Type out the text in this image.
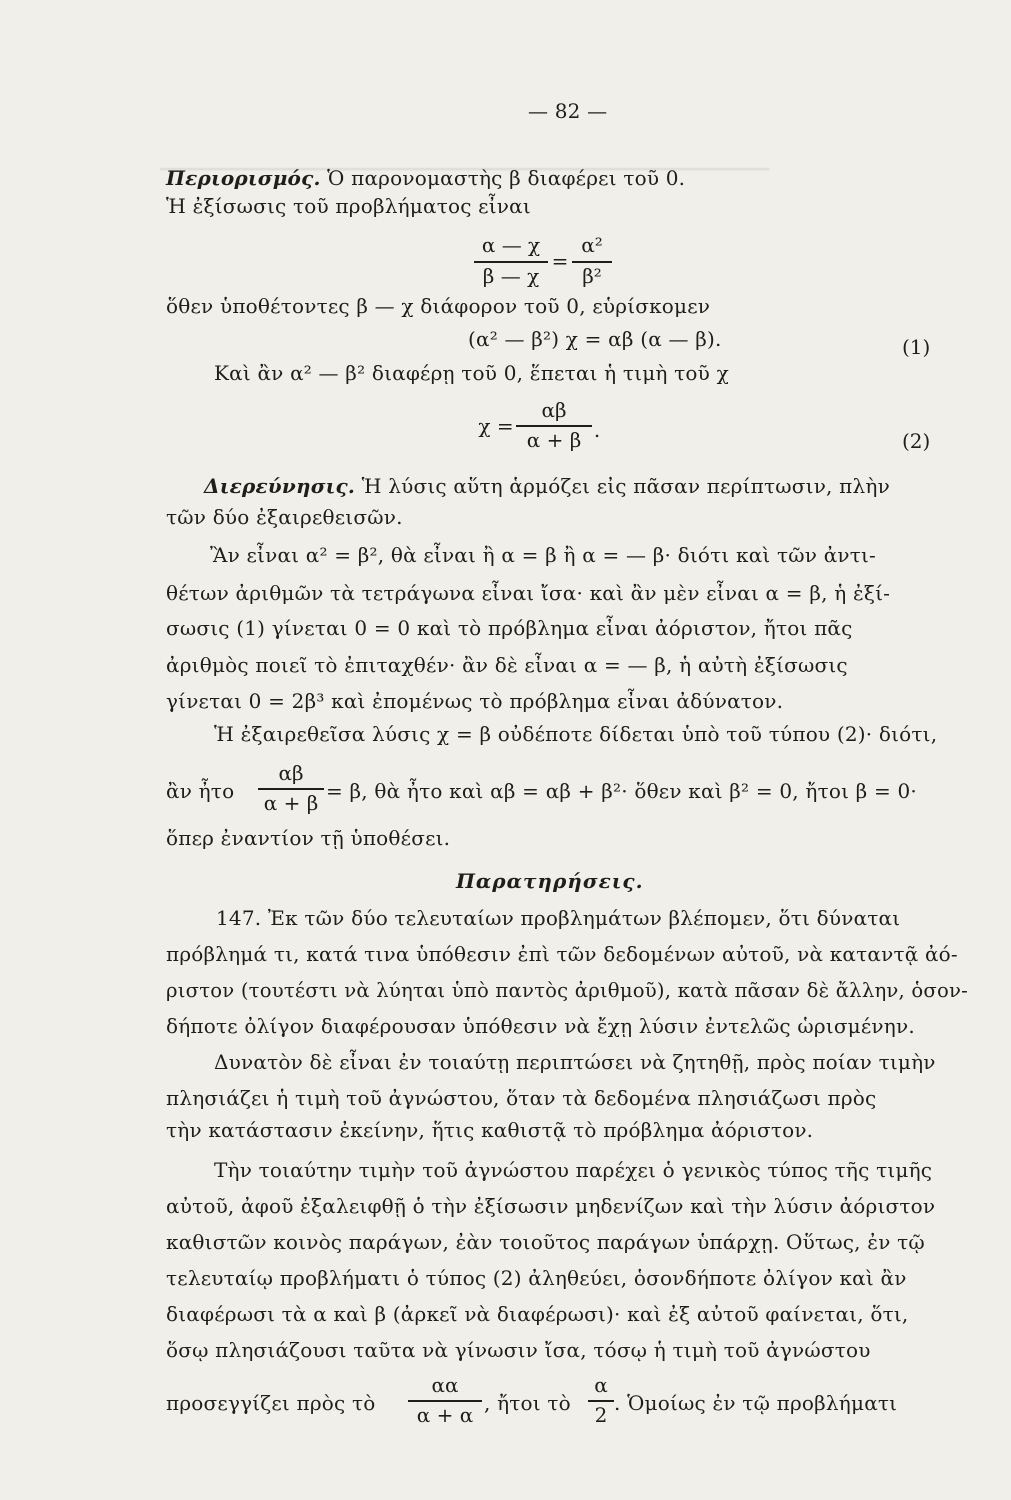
▁▁▁▁▁▁▁▁▁▁▁▁▁▁▁▁▁▁▁▁▁▁▁▁▁▁▁▁▁▁▁▁▁▁▁▁▁▁▁▁▁▁▁▁
— 82 —
Περιορισμός. Ὁ παρονομαστὴς β διαφέρει τοῦ 0.
Ἡ ἐξίσωσις τοῦ προβλήματος εἶναι
α — χ	α²
=
β — χ	β²
ὅθεν ὑποθέτοντες β — χ διάφορον τοῦ 0, εὑρίσκομεν
(α² — β²) χ = αβ (α — β).	(1)
Καὶ ἂν α² — β² διαφέρῃ τοῦ 0, ἕπεται ἡ τιμὴ τοῦ χ
χ =
αβ
α + β .	(2)
Διερεύνησις. Ἡ λύσις αὕτη ἁρμόζει εἰς πᾶσαν περίπτωσιν, πλὴν
τῶν δύο ἐξαιρεθεισῶν.
Ἂν εἶναι α² = β², θὰ εἶναι ἢ α = β ἢ α = — β· διότι καὶ τῶν ἀντι-
θέτων ἀριθμῶν τὰ τετράγωνα εἶναι ἴσα· καὶ ἂν μὲν εἶναι α = β, ἡ ἐξί-
σωσις (1) γίνεται 0 = 0 καὶ τὸ πρόβλημα εἶναι ἀόριστον, ἤτοι πᾶς
ἀριθμὸς ποιεῖ τὸ ἐπιταχθέν· ἂν δὲ εἶναι α = — β, ἡ αὐτὴ ἐξίσωσις
γίνεται 0 = 2β³ καὶ ἐπομένως τὸ πρόβλημα εἶναι ἀδύνατον.
Ἡ ἐξαιρεθεῖσα λύσις χ = β οὐδέποτε δίδεται ὑπὸ τοῦ τύπου (2)· διότι,
ἂν ἦτο
αβ
α + β = β, θὰ ἦτο καὶ αβ = αβ + β²· ὅθεν καὶ β² = 0, ἤτοι β = 0·
ὅπερ ἐναντίον τῇ ὑποθέσει.
Παρατηρήσεις.
147. Ἐκ τῶν δύο τελευταίων προβλημάτων βλέπομεν, ὅτι δύναται
πρόβλημά τι, κατά τινα ὑπόθεσιν ἐπὶ τῶν δεδομένων αὐτοῦ, νὰ καταντᾷ ἀό-
ριστον (τουτέστι νὰ λύηται ὑπὸ παντὸς ἀριθμοῦ), κατὰ πᾶσαν δὲ ἄλλην, ὁσον-
δήποτε ὀλίγον διαφέρουσαν ὑπόθεσιν νὰ ἔχῃ λύσιν ἐντελῶς ὡρισμένην.
Δυνατὸν δὲ εἶναι ἐν τοιαύτῃ περιπτώσει νὰ ζητηθῇ, πρὸς ποίαν τιμὴν
πλησιάζει ἡ τιμὴ τοῦ ἀγνώστου, ὅταν τὰ δεδομένα πλησιάζωσι πρὸς
τὴν κατάστασιν ἐκείνην, ἥτις καθιστᾷ τὸ πρόβλημα ἀόριστον.
Τὴν τοιαύτην τιμὴν τοῦ ἀγνώστου παρέχει ὁ γενικὸς τύπος τῆς τιμῆς
αὐτοῦ, ἀφοῦ ἐξαλειφθῇ ὁ τὴν ἐξίσωσιν μηδενίζων καὶ τὴν λύσιν ἀόριστον
καθιστῶν κοινὸς παράγων, ἐὰν τοιοῦτος παράγων ὑπάρχῃ. Οὕτως, ἐν τῷ
τελευταίῳ προβλήματι ὁ τύπος (2) ἀληθεύει, ὁσονδήποτε ὀλίγον καὶ ἂν
διαφέρωσι τὰ α καὶ β (ἀρκεῖ νὰ διαφέρωσι)· καὶ ἐξ αὐτοῦ φαίνεται, ὅτι,
ὅσῳ πλησιάζουσι ταῦτα νὰ γίνωσιν ἴσα, τόσῳ ἡ τιμὴ τοῦ ἀγνώστου
προσεγγίζει πρὸς τὸ
αα
α + α , ἤτοι τὸ
α
2 . Ὁμοίως ἐν τῷ προβλήματι
